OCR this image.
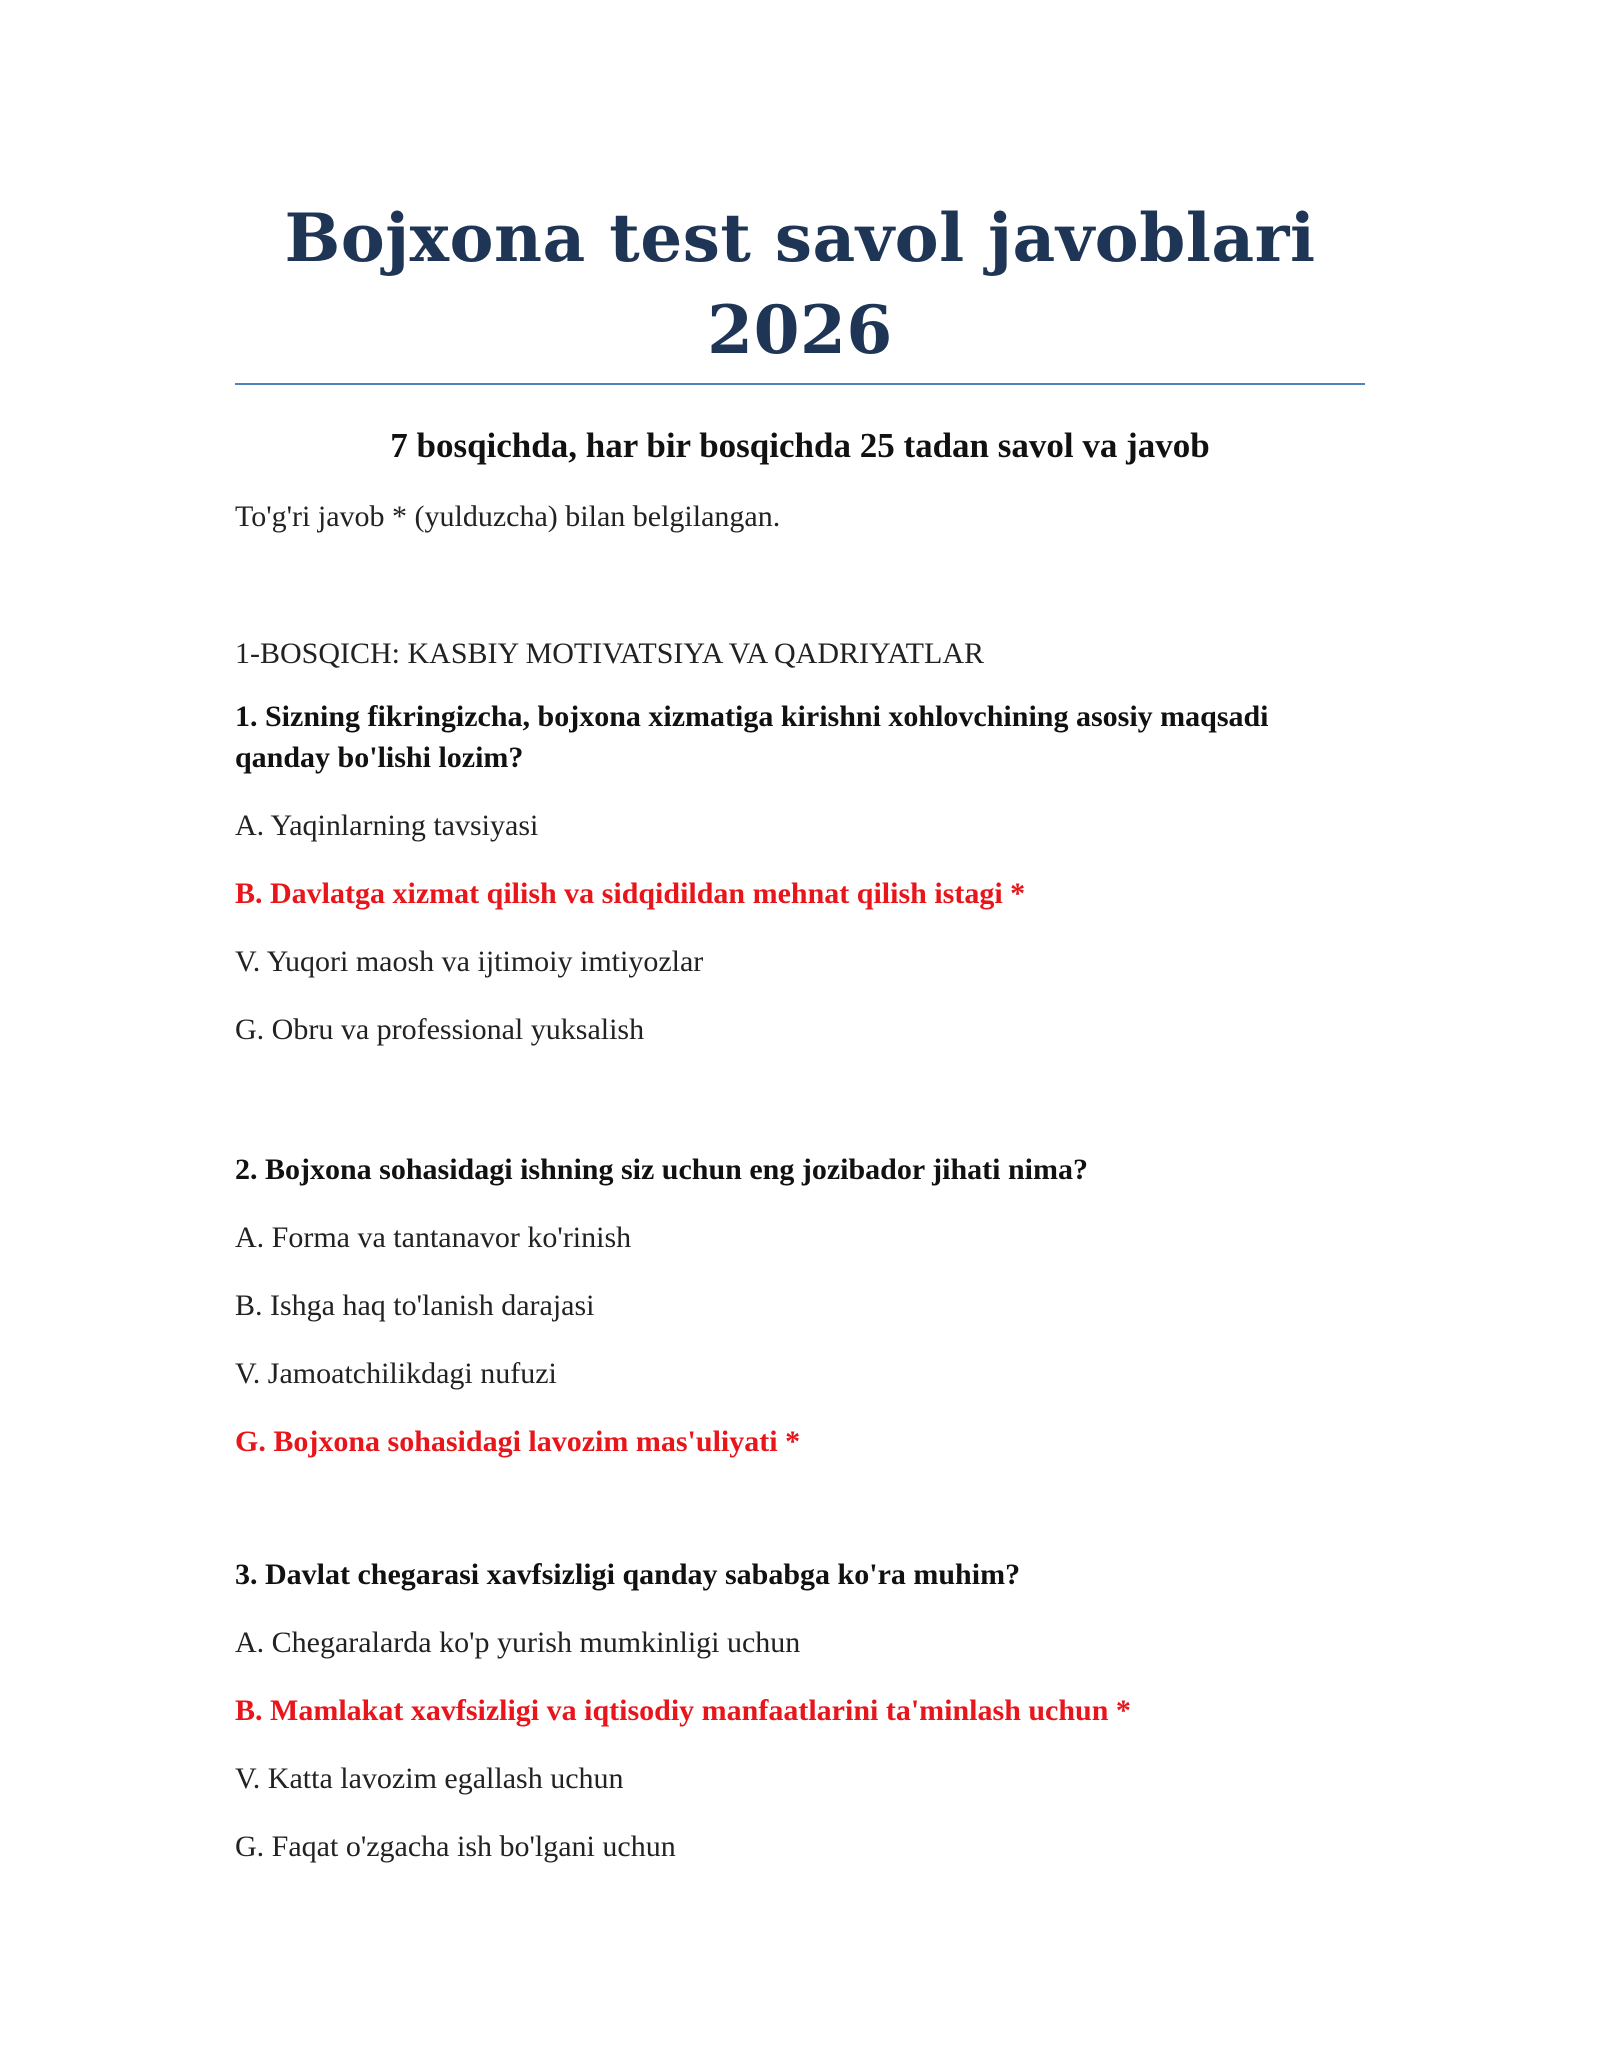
Bojxona test savol javoblari 2026
7 bosqichda, har bir bosqichda 25 tadan savol va javob
To'g'ri javob * (yulduzcha) bilan belgilangan.
1-BOSQICH: KASBIY MOTIVATSIYA VA QADRIYATLAR
1. Sizning fikringizcha, bojxona xizmatiga kirishni xohlovchining asosiy maqsadi qanday bo'lishi lozim?
A. Yaqinlarning tavsiyasi
B. Davlatga xizmat qilish va sidqidildan mehnat qilish istagi *
V. Yuqori maosh va ijtimoiy imtiyozlar
G. Obru va professional yuksalish
2. Bojxona sohasidagi ishning siz uchun eng jozibador jihati nima?
A. Forma va tantanavor ko'rinish
B. Ishga haq to'lanish darajasi
V. Jamoatchilikdagi nufuzi
G. Bojxona sohasidagi lavozim mas'uliyati *
3. Davlat chegarasi xavfsizligi qanday sababga ko'ra muhim?
A. Chegaralarda ko'p yurish mumkinligi uchun
B. Mamlakat xavfsizligi va iqtisodiy manfaatlarini ta'minlash uchun *
V. Katta lavozim egallash uchun
G. Faqat o'zgacha ish bo'lgani uchun
